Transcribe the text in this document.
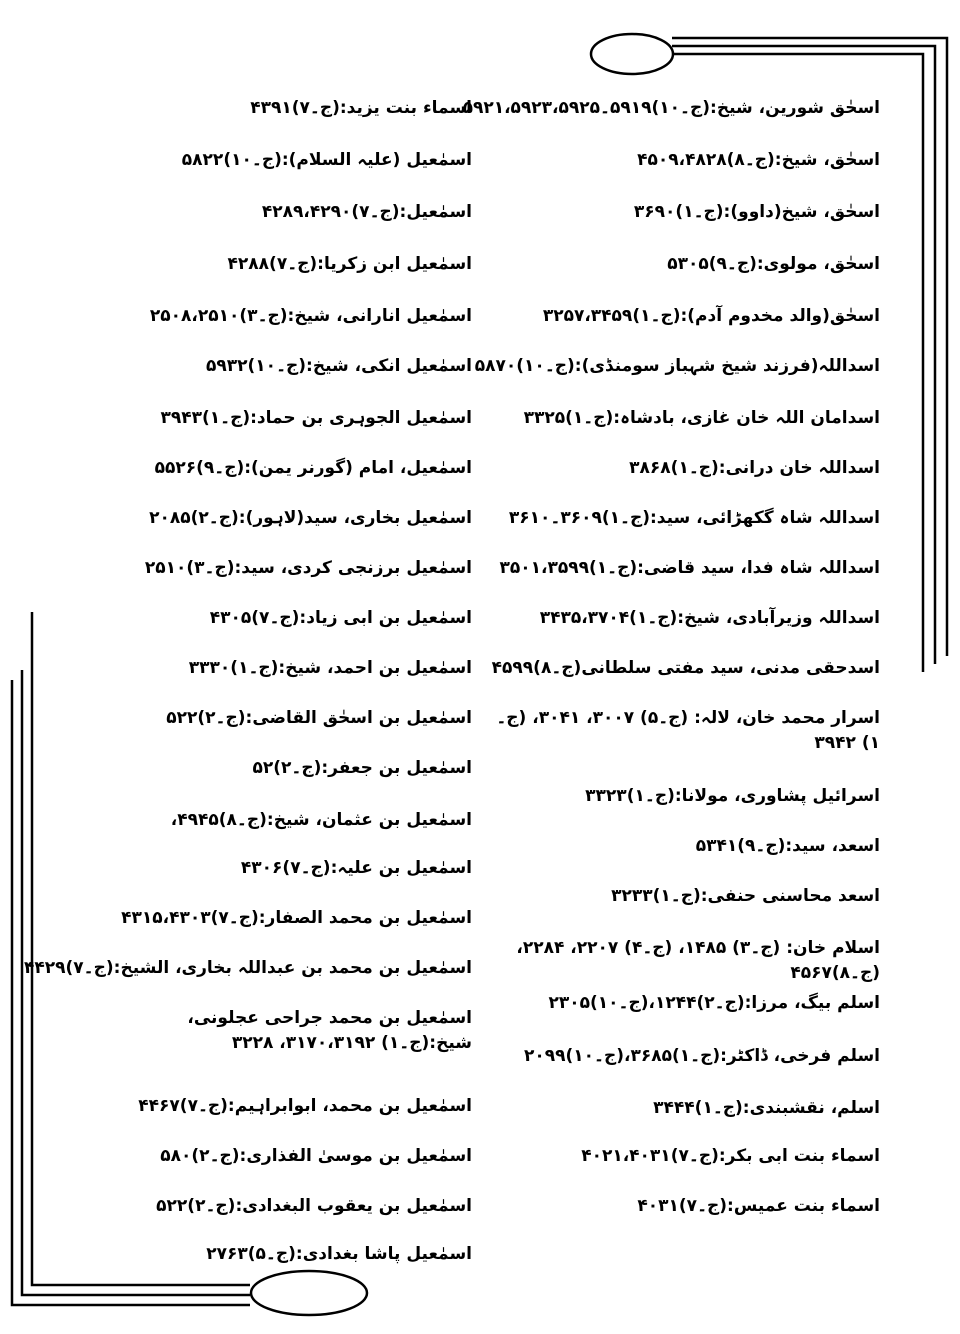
اسحٰق شورین، شیخ:(ج۔۱۰)۵۹۱۹۔۵۹۲۱،۵۹۲۳،۵۹۲۵
اسحٰق، شیخ:(ج۔۸)۴۵۰۹،۴۸۲۸
اسحٰق، شیخ(داوو):(ج۔۱)۳۶۹۰
اسحٰق، مولوی:(ج۔۹)۵۳۰۵
اسحٰق(والد مخدوم آدم):(ج۔۱)۳۲۵۷،۳۴۵۹
اسداللہ(فرزند شیخ شہباز سومنڈی):(ج۔۱۰)۵۸۷۰
اسدامان اللہ خان غازی، بادشاہ:(ج۔۱)۳۳۲۵
اسداللہ خان درانی:(ج۔۱)۳۸۶۸
اسداللہ شاہ گکھڑائی، سید:(ج۔۱)۳۶۰۹۔۳۶۱۰
اسداللہ شاہ فدا، سید قاضی:(ج۔۱)۳۵۰۱،۳۵۹۹
اسداللہ وزیرآبادی، شیخ:(ج۔۱)۳۴۳۵،۳۷۰۴
اسدحقی مدنی، سید مفتی سلطانی(ج۔۸)۴۵۹۹
اسرار محمد خان، لالہ: (ج۔۵) ۳۰۰۷، ۳۰۴۱، (ج۔۱) ۳۹۴۲
اسرائیل پشاوری، مولانا:(ج۔۱)۳۳۲۳
اسعد، سید:(ج۔۹)۵۳۴۱
اسعد محاسنی حنفی:(ج۔۱)۳۲۳۳
اسلام خان: (ج۔۳) ۱۴۸۵، (ج۔۴) ۲۲۰۷، ۲۲۸۴، (ج۔۸)۴۵۶۷
اسلم بیگ، مرزا:(ج۔۲)۱۲۴۴،(ج۔۱۰)۲۳۰۵
اسلم فرخی، ڈاکٹر:(ج۔۱)۳۶۸۵،(ج۔۱۰)۲۰۹۹
اسلم، نقشبندی:(ج۔۱)۳۴۴۴
اسماء بنت ابی بکر:(ج۔۷)۴۰۲۱،۴۰۳۱
اسماء بنت عمیس:(ج۔۷)۴۰۳۱
اسماء بنت یزید:(ج۔۷)۴۳۹۱
اسمٰعیل (علیہ السلام):(ج۔۱۰)۵۸۲۲
اسمٰعیل:(ج۔۷)۴۲۸۹،۴۲۹۰
اسمٰعیل ابن زکریا:(ج۔۷)۴۲۸۸
اسمٰعیل انارانی، شیخ:(ج۔۳)۲۵۰۸،۲۵۱۰
اسمٰعیل انکی، شیخ:(ج۔۱۰)۵۹۳۲
اسمٰعیل الجوہری بن حماد:(ج۔۱)۳۹۴۳
اسمٰعیل، امام (گورنر یمن):(ج۔۹)۵۵۲۶
اسمٰعیل بخاری، سید(لاہور):(ج۔۲)۲۰۸۵
اسمٰعیل برزنجی کردی، سید:(ج۔۳)۲۵۱۰
اسمٰعیل بن ابی زیاد:(ج۔۷)۴۳۰۵
اسمٰعیل بن احمد، شیخ:(ج۔۱)۳۳۳۰
اسمٰعیل بن اسحٰق القاضی:(ج۔۲)۵۲۲
اسمٰعیل بن جعفر:(ج۔۲)۵۲
اسمٰعیل بن عثمان، شیخ:(ج۔۸)۴۹۴۵،
اسمٰعیل بن علیہ:(ج۔۷)۴۳۰۶
اسمٰعیل بن محمد الصفار:(ج۔۷)۴۳۱۵،۴۳۰۳
اسمٰعیل بن محمد بن عبداللہ بخاری، الشیخ:(ج۔۷)۴۴۲۹
اسمٰعیل بن محمد جراحی عجلونی، شیخ:(ج۔۱) ۳۱۷۰،۳۱۹۲، ۳۲۲۸
اسمٰعیل بن محمد، ابوابراہیم:(ج۔۷)۴۴۶۷
اسمٰعیل بن موسیٰ الفذاری:(ج۔۲)۵۸۰
اسمٰعیل بن یعقوب البغدادی:(ج۔۲)۵۲۲
اسمٰعیل پاشا بغدادی:(ج۔۵)۲۷۶۳
